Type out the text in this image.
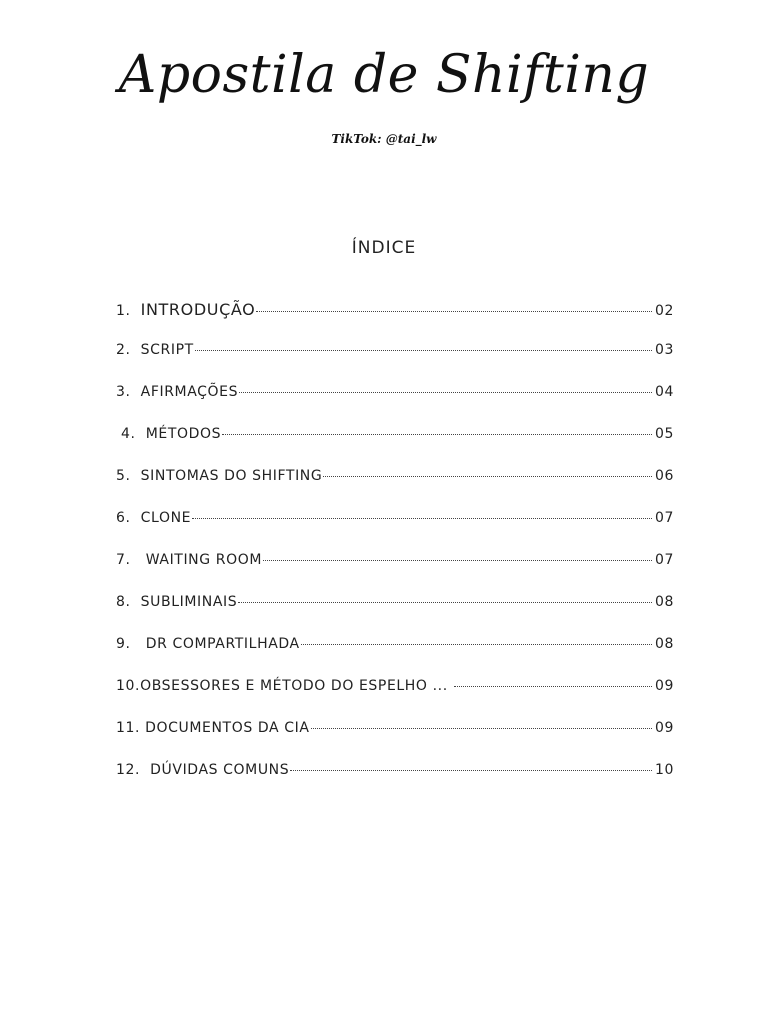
Apostila de Shifting
TikTok: @tai_lw
ÍNDICE
1. INTRODUÇÃO	02
2. SCRIPT	03
3. AFIRMAÇÕES	04
4. MÉTODOS	05
5. SINTOMAS DO SHIFTING	06
6. CLONE	07
7. WAITING ROOM	07
8. SUBLIMINAIS	08
9. DR COMPARTILHADA	08
10. OBSESSORES E MÉTODO DO ESPELHO ...	09
11. DOCUMENTOS DA CIA	09
12. DÚVIDAS COMUNS	10
